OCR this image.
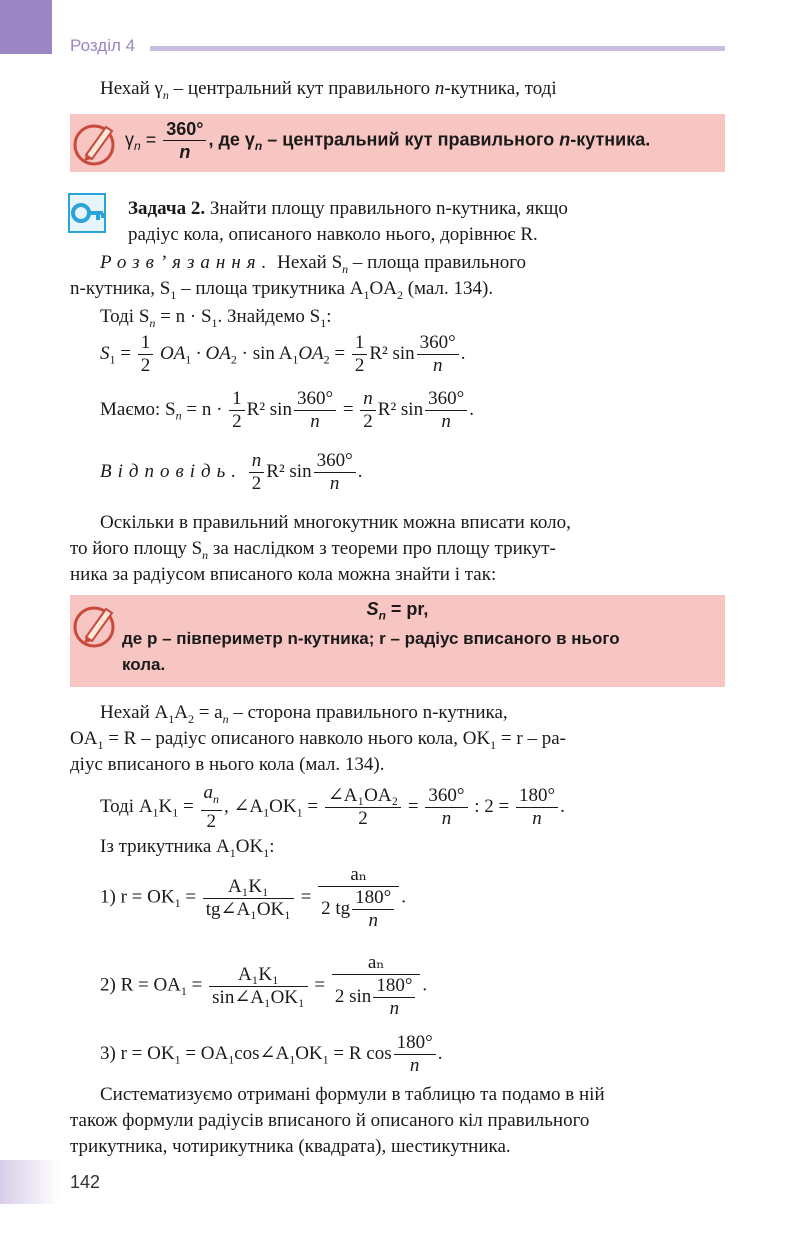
Розділ 4
Нехай $\gamma_n$ – центральний кут правильного n-кутника, тоді
$\gamma_n = \frac{360^\circ}{n}$ , де $\gamma_n$ – центральний кут правильного n-кутника.
Задача 2. Знайти площу правильного n-кутника, якщо
радіус кола, описаного навколо нього, дорівнює R.
Розв’язання. Нехай $S_n$ – площа правильного
n-кутника, $S_1$ – площа трикутника $A_1OA_2$ (мал. 134).
Тоді $S_n = n \cdot S_1$. Знайдемо $S_1$:
$S_1 = \frac{1}{2} OA_1 \cdot OA_2 \cdot \sin A_1OA_2 = \frac{1}{2} R^2$ $\sin \frac{360^\circ}{n}$ .
Маємо: $S_n = n \cdot \frac{1}{2} R^2$ $\sin \frac{360^\circ}{n} = \frac{n}{2} R^2$ $\sin \frac{360^\circ}{n}$ .
Відповідь. $\frac{n}{2} R^2$ $\sin \frac{360^\circ}{n}$ .
Оскільки в правильний многокутник можна вписати коло,
то його площу $S_n$ за наслідком з теореми про площу трикут-
ника за радіусом вписаного кола можна знайти і так:
$S_n$ = pr,
де p – півпериметр n-кутника; r – радіус вписаного в нього
кола.
Нехай $A_1A_2 = a_n$ – сторона правильного n-кутника,
$OA_1 = R$ – радіус описаного навколо нього кола, $OK_1 = r - ра-$
діус вписаного в нього кола (мал. 134).
Тоді $A_1K_1 = \frac{a_n}{2}$ , $\angle A_1OK_1 = \frac{\text{∠A₁OA₂}}{2} = \frac{360^\circ}{n}$ : $2 = \frac{180^\circ}{n}$ .
Із трикутника $A_1OK_1$:
1) $r = OK_1 = \frac{\text{A₁K₁}}{\text{tg∠A₁OK₁}} = \frac{\text{aₙ}}{2 tg \frac{180^\circ}{n}}$ .
2) $R = OA_1 = \frac{\text{A₁K₁}}{\text{sin∠A₁OK₁}} = \frac{\text{aₙ}}{2 \sin \frac{180^\circ}{n}}$ .
3) $r = OK_1$ = $OA_1\cos\angle A_1OK_1 = R$ $\cos \frac{180^\circ}{n}$ .
Систематизуємо отримані формули в таблицю та подамо в ній
також формули радіусів вписаного й описаного кіл правильного
трикутника, чотирикутника (квадрата), шестикутника.
142
